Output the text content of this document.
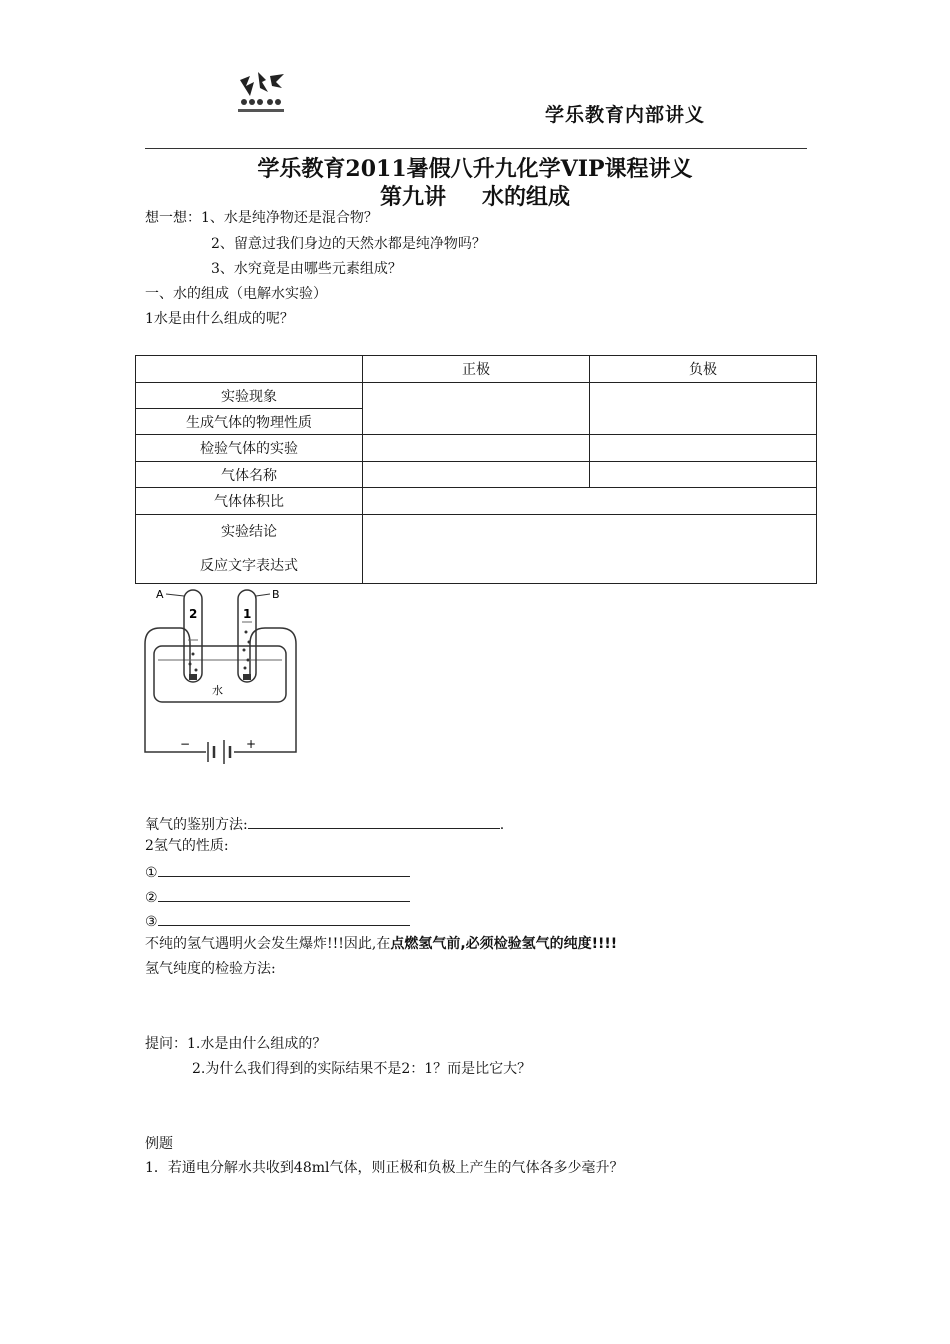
学乐教育内部讲义
学乐教育2011暑假八升九化学VIP课程讲义
第九讲 水的组成
想一想：1、水是纯净物还是混合物？
2、留意过我们身边的天然水都是纯净物吗？
3、水究竟是由哪些元素组成？
一、水的组成（电解水实验）
1水是由什么组成的呢？
	正极	负极
实验现象		
生成气体的物理性质		
检验气体的实验		
气体名称		
气体体积比		

实验结论
反应文字表达式		

A	B
2	1
水
−	+
氧气的鉴别方法:	.
2氢气的性质:
①
②
③
不纯的氢气遇明火会发生爆炸!!!因此,在点燃氢气前,必须检验氢气的纯度!!!!
氢气纯度的检验方法:
提问：1.水是由什么组成的？
2.为什么我们得到的实际结果不是2：1？而是比它大？
例题
1．若通电分解水共收到48ml气体，则正极和负极上产生的气体各多少毫升？
